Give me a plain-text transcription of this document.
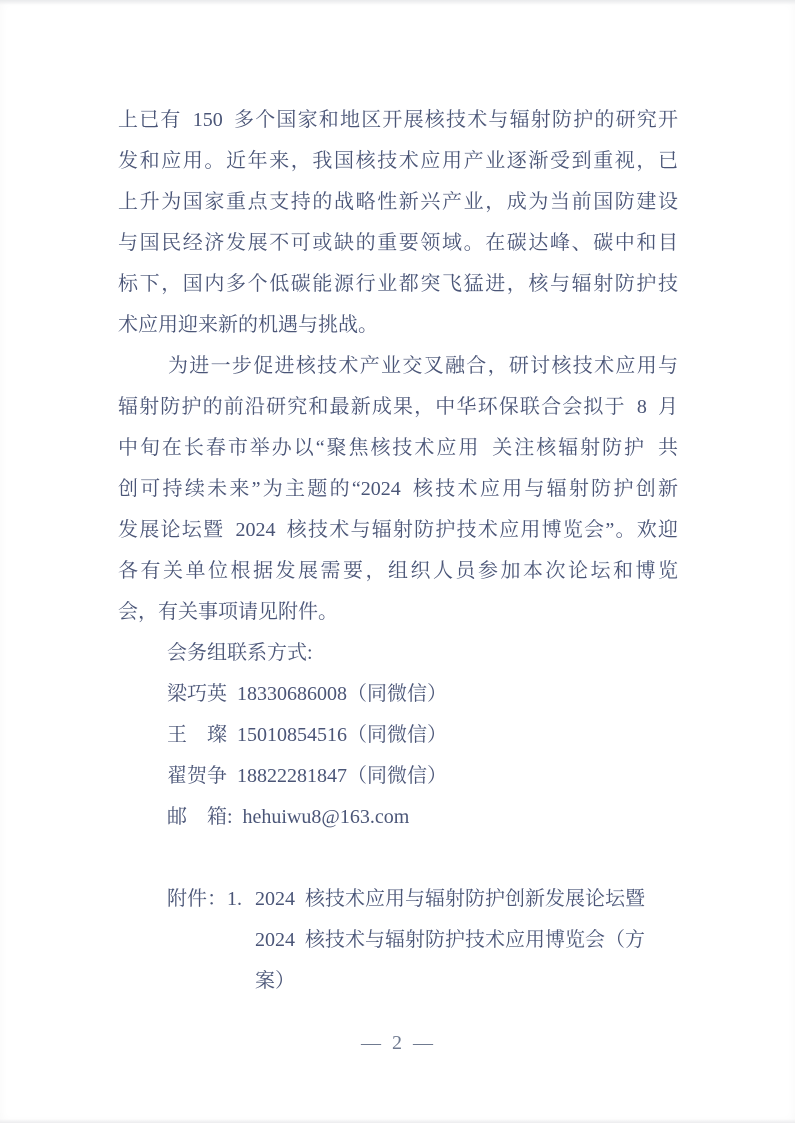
上已有 150 多个国家和地区开展核技术与辐射防护的研究开
发和应用。近年来，我国核技术应用产业逐渐受到重视，已
上升为国家重点支持的战略性新兴产业，成为当前国防建设
与国民经济发展不可或缺的重要领域。在碳达峰、碳中和目
标下，国内多个低碳能源行业都突飞猛进，核与辐射防护技
术应用迎来新的机遇与挑战。
为进一步促进核技术产业交叉融合，研讨核技术应用与
辐射防护的前沿研究和最新成果，中华环保联合会拟于 8 月
中旬在长春市举办以“聚焦核技术应用 关注核辐射防护 共
创可持续未来”为主题的“2024 核技术应用与辐射防护创新
发展论坛暨 2024 核技术与辐射防护技术应用博览会”。欢迎
各有关单位根据发展需要，组织人员参加本次论坛和博览
会，有关事项请见附件。
会务组联系方式:
梁巧英 18330686008（同微信）
王　璨 15010854516（同微信）
翟贺争 18822281847（同微信）
邮　箱: hehuiwu8@163.com
附件：1. 2024 核技术应用与辐射防护创新发展论坛暨
2024 核技术与辐射防护技术应用博览会（方
案）
— 2 —
